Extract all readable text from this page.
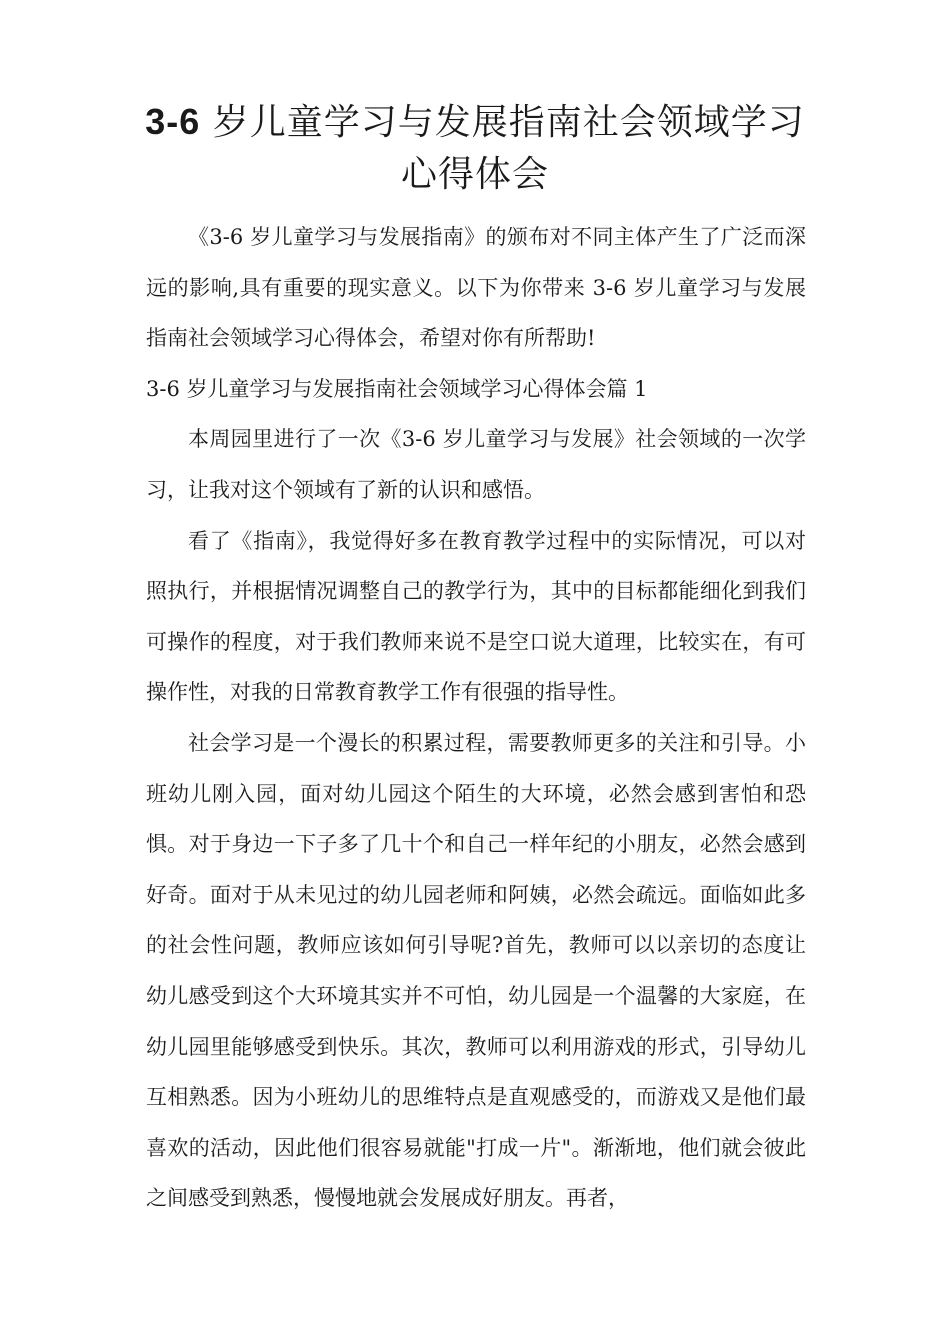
3-6 岁儿童学习与发展指南社会领域学习心得体会

《3-6 岁儿童学习与发展指南》的颁布对不同主体产生了广泛而深远的影响,具有重要的现实意义。以下为你带来 3-6 岁儿童学习与发展指南社会领域学习心得体会，希望对你有所帮助!

3-6 岁儿童学习与发展指南社会领域学习心得体会篇 1

本周园里进行了一次《3-6 岁儿童学习与发展》社会领域的一次学习，让我对这个领域有了新的认识和感悟。

看了《指南》，我觉得好多在教育教学过程中的实际情况，可以对照执行，并根据情况调整自己的教学行为，其中的目标都能细化到我们可操作的程度，对于我们教师来说不是空口说大道理，比较实在，有可操作性，对我的日常教育教学工作有很强的指导性。

社会学习是一个漫长的积累过程，需要教师更多的关注和引导。小班幼儿刚入园，面对幼儿园这个陌生的大环境，必然会感到害怕和恐惧。对于身边一下子多了几十个和自己一样年纪的小朋友，必然会感到好奇。面对于从未见过的幼儿园老师和阿姨，必然会疏远。面临如此多的社会性问题，教师应该如何引导呢?首先，教师可以以亲切的态度让幼儿感受到这个大环境其实并不可怕，幼儿园是一个温馨的大家庭，在幼儿园里能够感受到快乐。其次，教师可以利用游戏的形式，引导幼儿互相熟悉。因为小班幼儿的思维特点是直观感受的，而游戏又是他们最喜欢的活动，因此他们很容易就能"打成一片"。渐渐地，他们就会彼此之间感受到熟悉，慢慢地就会发展成好朋友。再者，
